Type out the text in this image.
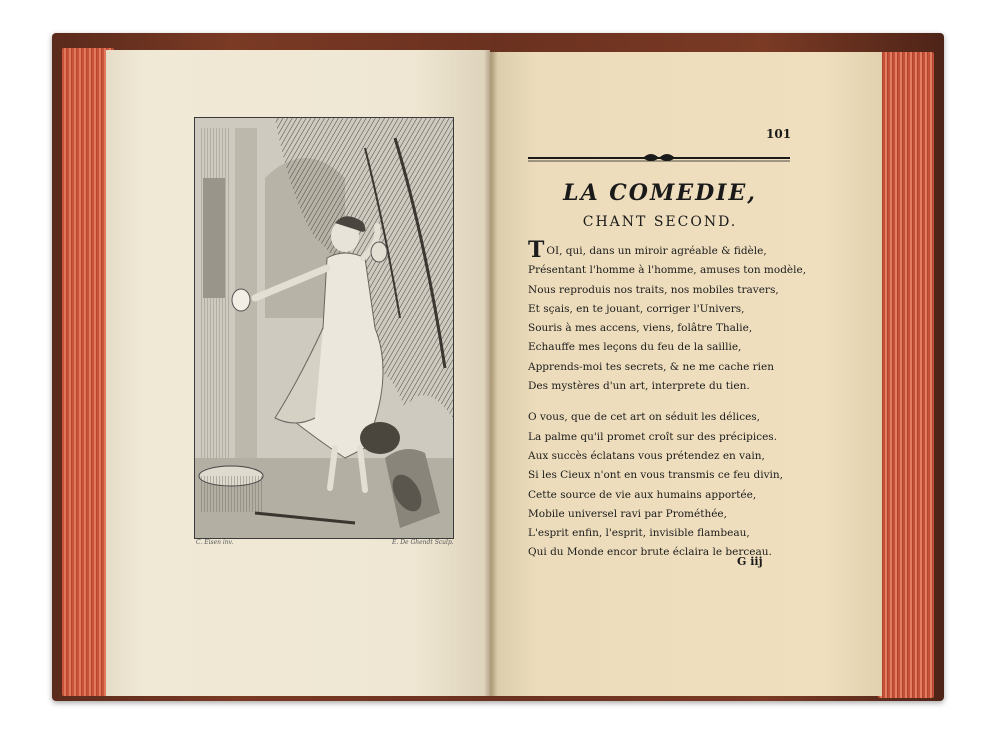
C. Eisen inv.	E. De Ghendt Sculp.
101
LA COMEDIE,
CHANT SECOND.
T OI, qui, dans un miroir agréable & fidèle,
Présentant l'homme à l'homme, amuses ton modèle,
Nous reproduis nos traits, nos mobiles travers,
Et sçais, en te jouant, corriger l'Univers,
Souris à mes accens, viens, folâtre Thalie,
Echauffe mes leçons du feu de la saillie,
Apprends-moi tes secrets, & ne me cache rien
Des mystères d'un art, interprete du tien.
O vous, que de cet art on séduit les délices,
La palme qu'il promet croît sur des précipices.
Aux succès éclatans vous prétendez en vain,
Si les Cieux n'ont en vous transmis ce feu divin,
Cette source de vie aux humains apportée,
Mobile universel ravi par Prométhée,
L'esprit enfin, l'esprit, invisible flambeau,
Qui du Monde encor brute éclaira le berceau.
G iij
